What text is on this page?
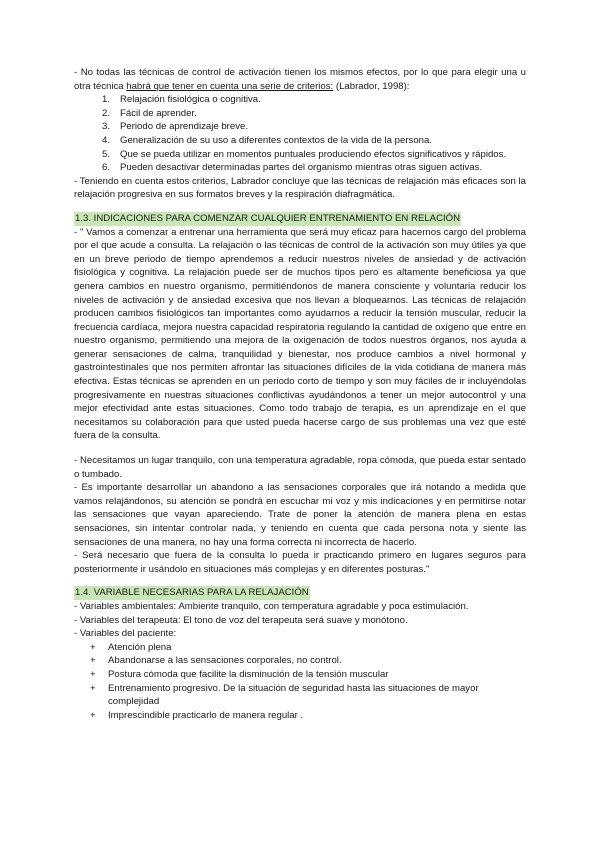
- No todas las técnicas de control de activación tienen los mismos efectos, por lo que para elegir una u otra técnica habrá que tener en cuenta una serie de criterios: (Labrador, 1998):

1.	Relajación fisiológica o cognitiva.
2.	Fácil de aprender.
3.	Periodo de aprendizaje breve.
4.	Generalización de su uso a diferentes contextos de la vida de la persona.
5.	Que se pueda utilizar en momentos puntuales produciendo efectos significativos y rápidos.
6.	Pueden desactivar determinadas partes del organismo mientras otras siguen activas.

- Teniendo en cuenta estos criterios, Labrador concluye que las técnicas de relajación más eficaces son la relajación progresiva en sus formatos breves y la respiración diafragmática.

1.3. INDICACIONES PARA COMENZAR CUALQUIER ENTRENAMIENTO EN RELACIÓN

- " Vamos a comenzar a entrenar una herramienta que será muy eficaz para hacernos cargo del problema por el que acude a consulta. La relajación o las técnicas de control de la activación son muy útiles ya que en un breve periodo de tiempo aprendemos a reducir nuestros niveles de ansiedad y de activación fisiológica y cognitiva. La relajación puede ser de muchos tipos pero es altamente beneficiosa ya que genera cambios en nuestro organismo, permitiéndonos de manera consciente y voluntaria reducir los niveles de activación y de ansiedad excesiva que nos llevan a bloquearnos. Las técnicas de relajación producen cambios fisiológicos tan importantes como ayudarnos a reducir la tensión muscular, reducir la frecuencia cardíaca, mejora nuestra capacidad respiratoria regulando la cantidad de oxígeno que entre en nuestro organismo, permitiendo una mejora de la oxigenación de todos nuestros órganos, nos ayuda a generar sensaciones de calma, tranquilidad y bienestar, nos produce cambios a nivel hormonal y gastrointestinales que nos permiten afrontar las situaciones difíciles de la vida cotidiana de manera más efectiva. Estas técnicas se aprenden en un periodo corto de tiempo y son muy fáciles de ir incluyéndolas progresivamente en nuestras situaciones conflictivas ayudándonos a tener un mejor autocontrol y una mejor efectividad ante estas situaciones. Como todo trabajo de terapia, es un aprendizaje en el que necesitamos su colaboración para que usted pueda hacerse cargo de sus problemas una vez que esté fuera de la consulta.

- Necesitamos un lugar tranquilo, con una temperatura agradable, ropa cómoda, que pueda estar sentado o tumbado.

- Es importante desarrollar un abandono a las sensaciones corporales que irá notando a medida que vamos relajándonos, su atención se pondrá en escuchar mi voz y mis indicaciones y en permitirse notar las sensaciones que vayan apareciendo. Trate de poner la atención de manera plena en estas sensaciones, sin intentar controlar nada, y teniendo en cuenta que cada persona nota y siente las sensaciones de una manera, no hay una forma correcta ni incorrecta de hacerlo.

- Será necesario que fuera de la consulta lo pueda ir practicando primero en lugares seguros para posteriormente ir usándolo en situaciones más complejas y en diferentes posturas."

1.4. VARIABLE NECESARIAS PARA LA RELAJACIÓN

- Variables ambientales: Ambiente tranquilo, con temperatura agradable y poca estimulación.

- Variables del terapeuta: El tono de voz del terapeuta será suave y monótono.

- Variables del paciente:

+	Atención plena
+	Abandonarse a las sensaciones corporales, no control.
+	Postura cómoda que facilite la disminución de la tensión muscular
+	Entrenamiento progresivo. De la situación de seguridad hasta las situaciones de mayor complejidad
+	Imprescindible practicarlo de manera regular .
